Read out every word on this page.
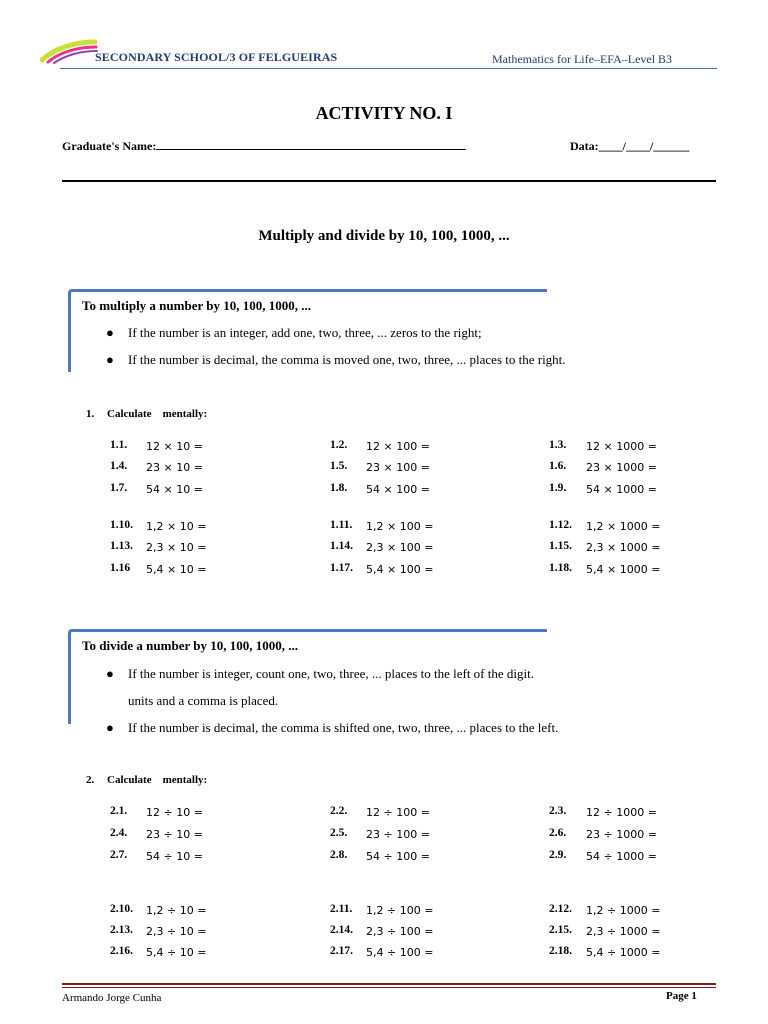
SECONDARY SCHOOL/3 OF FELGUEIRAS	Mathematics for Life–EFA–Level B3
ACTIVITY NO. I
Graduate's Name:	Data:____/____/______
Multiply and divide by 10, 100, 1000, ...
To multiply a number by 10, 100, 1000, ...
● If the number is an integer, add one, two, three, ... zeros to the right;
● If the number is decimal, the comma is moved one, two, three, ... places to the right.
1. Calculate    mentally:
1.1. 12 × 10 =	1.2. 12 × 100 =	1.3. 12 × 1000 =
1.4. 23 × 10 =	1.5. 23 × 100 =	1.6. 23 × 1000 =
1.7. 54 × 10 =	1.8. 54 × 100 =	1.9. 54 × 1000 =
1.10. 1,2 × 10 =	1.11. 1,2 × 100 =	1.12. 1,2 × 1000 =
1.13. 2,3 × 10 =	1.14. 2,3 × 100 =	1.15. 2,3 × 1000 =
1.16 5,4 × 10 =	1.17. 5,4 × 100 =	1.18. 5,4 × 1000 =
To divide a number by 10, 100, 1000, ...
● If the number is integer, count one, two, three, ... places to the left of the digit.
units and a comma is placed.
● If the number is decimal, the comma is shifted one, two, three, ... places to the left.
2. Calculate    mentally:
2.1. 12 ÷ 10 =	2.2. 12 ÷ 100 =	2.3. 12 ÷ 1000 =
2.4. 23 ÷ 10 =	2.5. 23 ÷ 100 =	2.6. 23 ÷ 1000 =
2.7. 54 ÷ 10 =	2.8. 54 ÷ 100 =	2.9. 54 ÷ 1000 =
2.10. 1,2 ÷ 10 =	2.11. 1,2 ÷ 100 =	2.12. 1,2 ÷ 1000 =
2.13. 2,3 ÷ 10 =	2.14. 2,3 ÷ 100 =	2.15. 2,3 ÷ 1000 =
2.16. 5,4 ÷ 10 =	2.17. 5,4 ÷ 100 =	2.18. 5,4 ÷ 1000 =
Armando Jorge Cunha	Page 1
